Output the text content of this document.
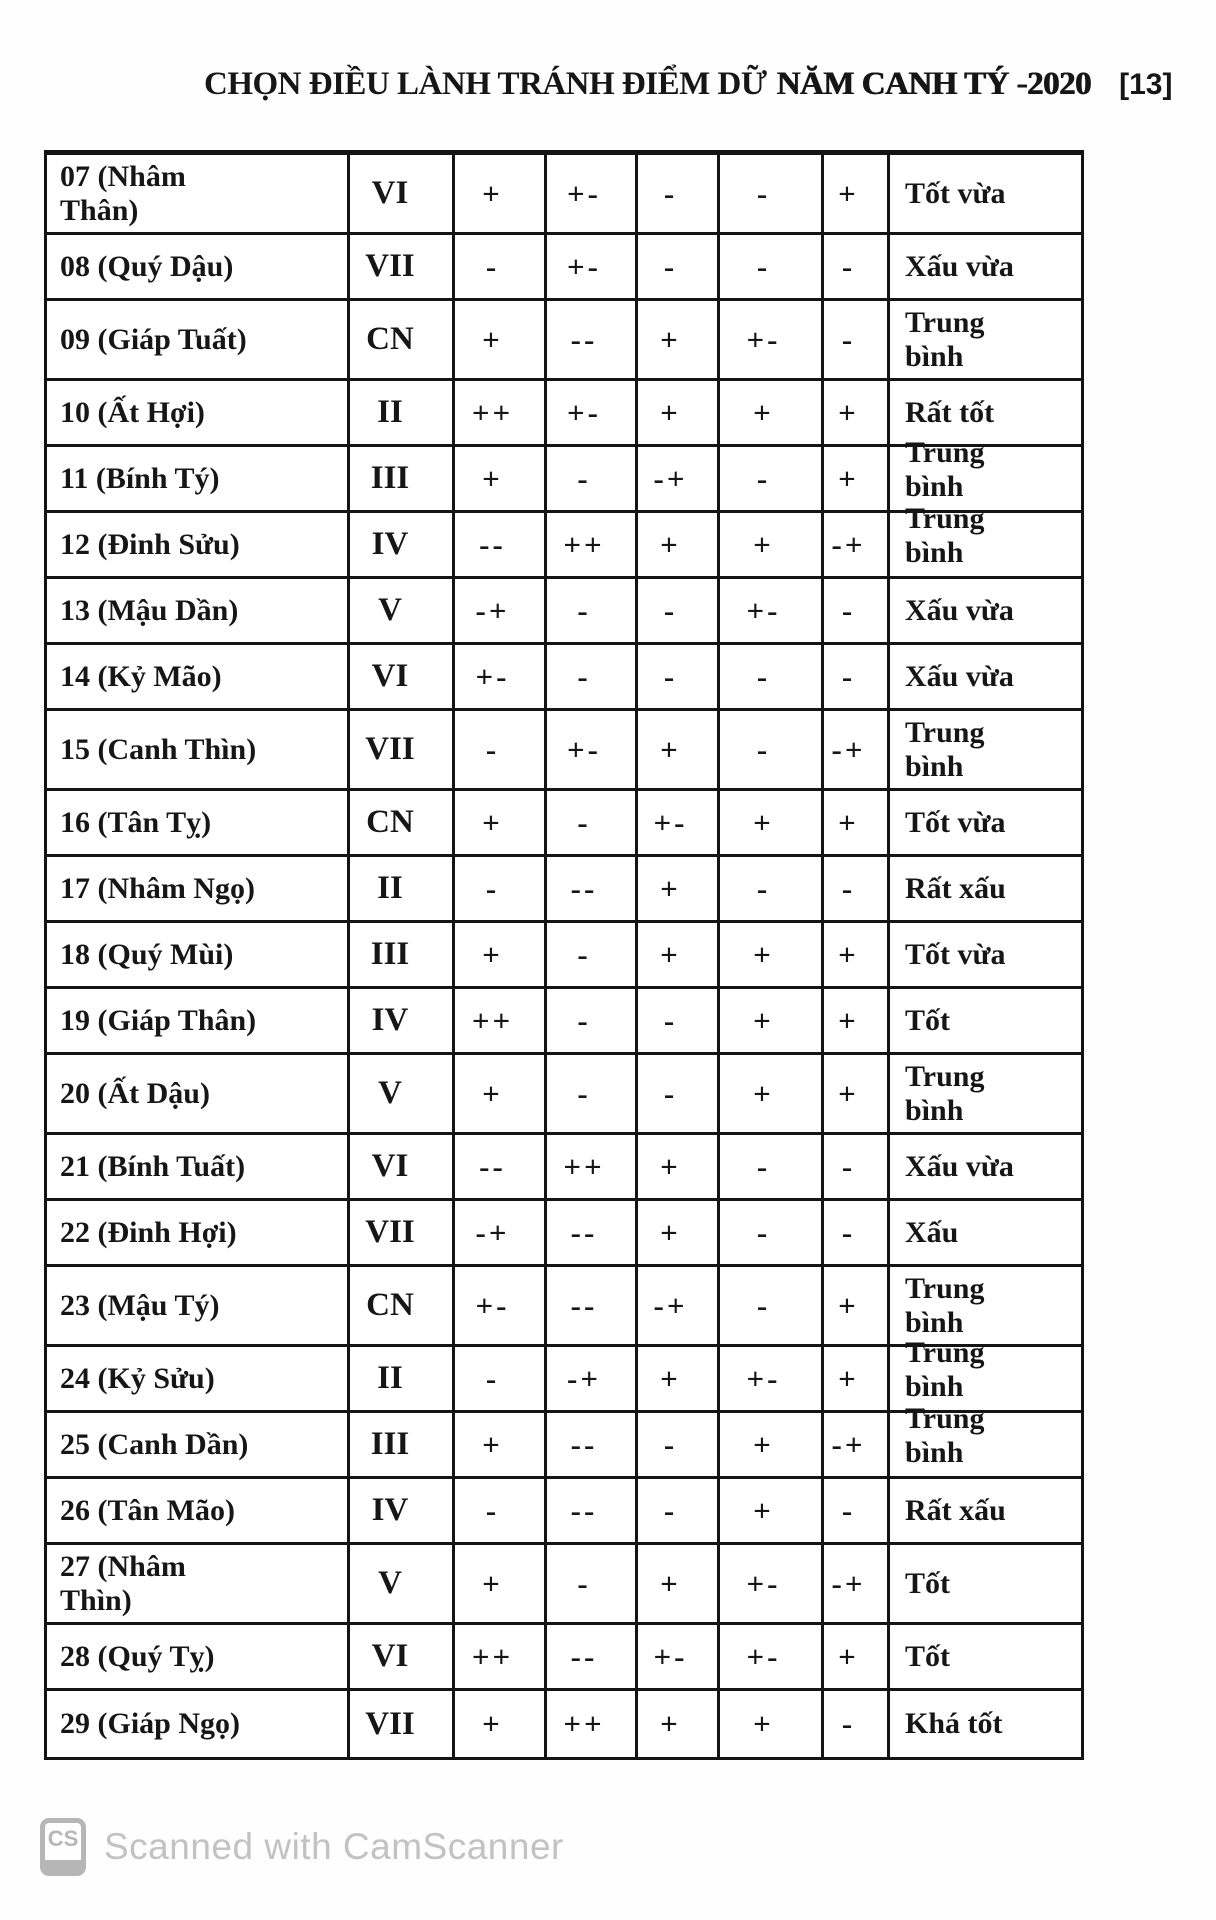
CHỌN ĐIỀU LÀNH TRÁNH ĐIỂM DỮ NĂM CANH TÝ -2020 [13]
07 (Nhâm
Thân)	VI + +- -	- + Tốt vừa
08 (Quý Dậu)	VII - +- -	- - Xấu vừa
09 (Giáp Tuất)	CN + -- + +- - Trung
bình
10 (Ất Hợi)	II ++ +- + + + Rất tốt
11 (Bính Tý)	III + - -+ - +
Trung
bình
12 (Đinh Sửu)	IV -- ++ + + -+
Trung
bình
13 (Mậu Dần)	V -+ - - +- - Xấu vừa
14 (Kỷ Mão)	VI +- - -	- - Xấu vừa
15 (Canh Thìn)	VII - +- + - -+ Trung
bình
16 (Tân Tỵ)	CN + - +- + + Tốt vừa
17 (Nhâm Ngọ)	II	- -- + - - Rất xấu
18 (Quý Mùi)	III + - + + + Tốt vừa
19 (Giáp Thân)	IV ++ - - + + Tốt
20 (Ất Dậu)	V	+ - - + + Trung
bình
21 (Bính Tuất)	VI -- ++ + - - Xấu vừa
22 (Đinh Hợi)	VII -+ -- + - - Xấu
23 (Mậu Tý)	CN +- -- -+ - + Trung
bình
24 (Kỷ Sửu)	II	- -+ + +- +
Trung
bình
25 (Canh Dần)	III + -- - + -+
Trung
bình
26 (Tân Mão)	IV - -- - + - Rất xấu
27 (Nhâm
Thìn)	V	+ - + +- -+ Tốt
28 (Quý Tỵ)	VI ++ -- +- +- + Tốt
29 (Giáp Ngọ)	VII + ++ + + - Khá tốt
CS Scanned with CamScanner
